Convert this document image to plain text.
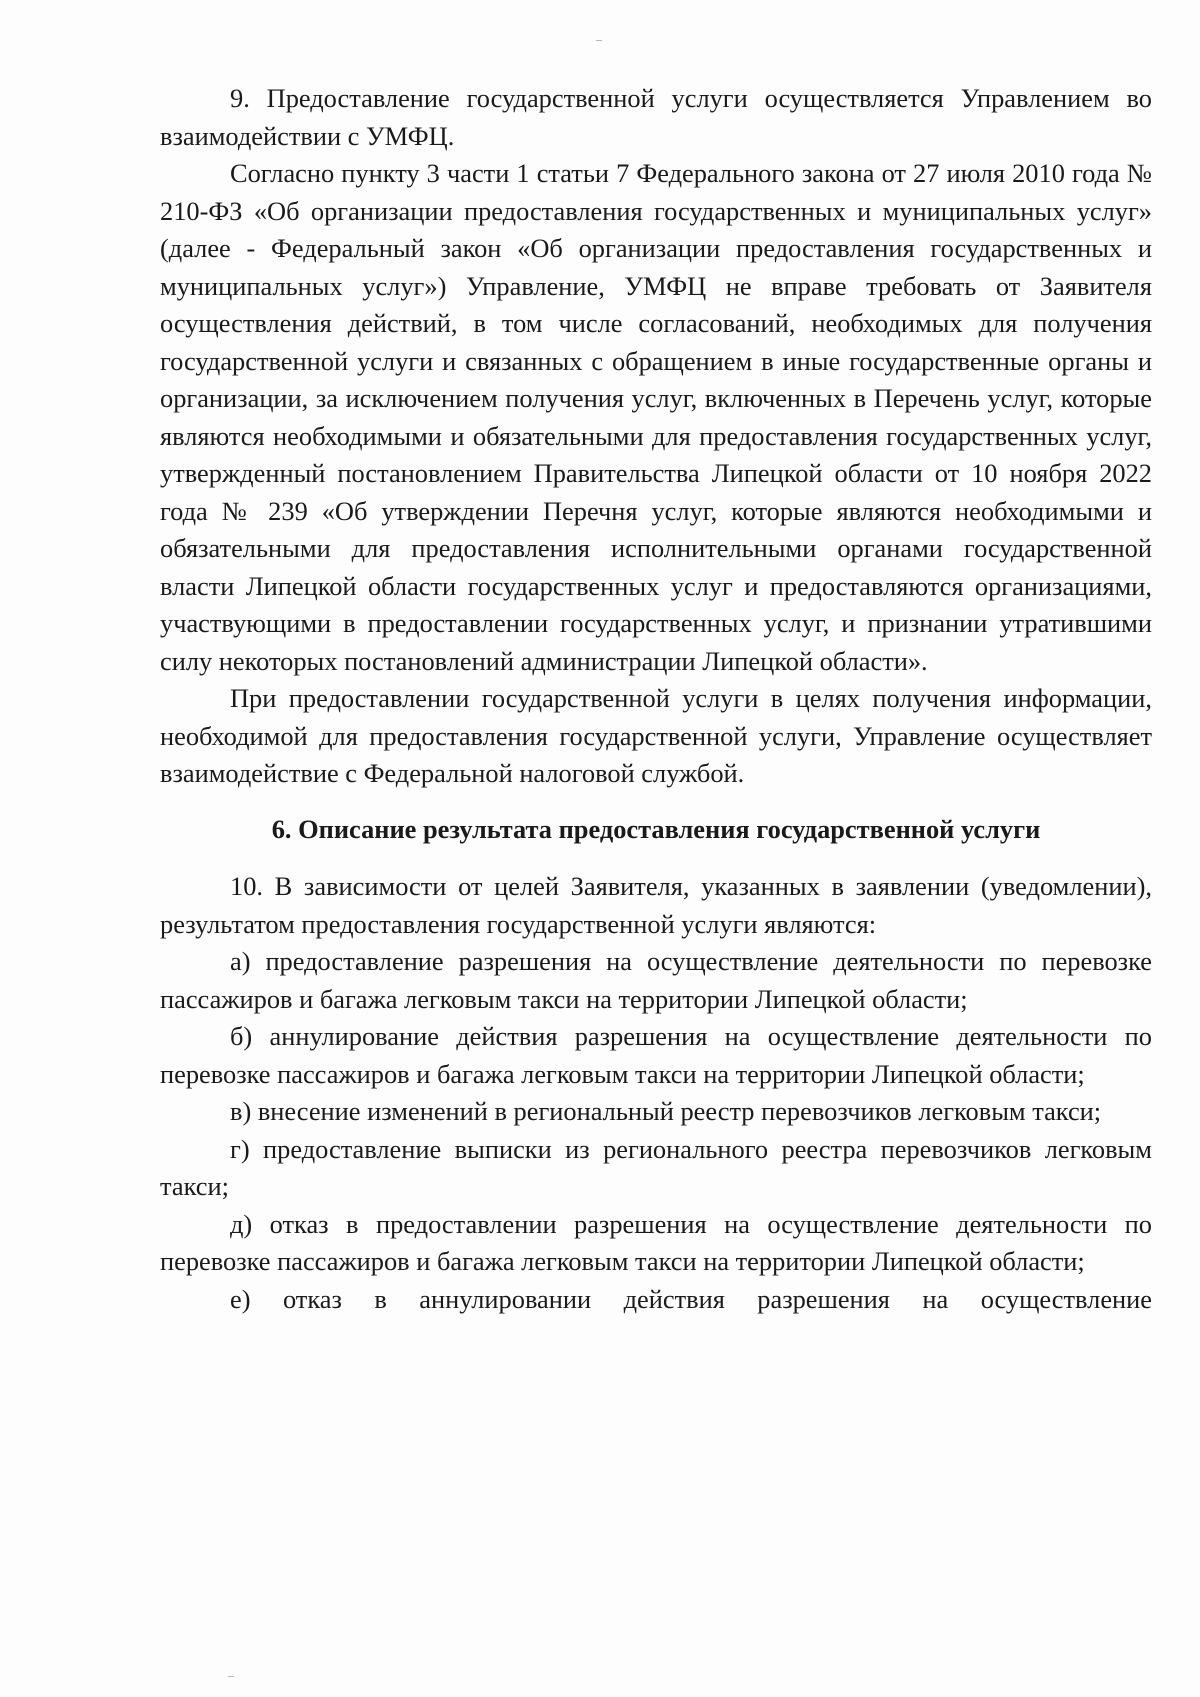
9. Предоставление государственной услуги осуществляется Управлением во взаимодействии с УМФЦ.

Согласно пункту 3 части 1 статьи 7 Федерального закона от 27 июля 2010 года № 210-ФЗ «Об организации предоставления государственных и муниципальных услуг» (далее - Федеральный закон «Об организации предоставления государственных и муниципальных услуг») Управление, УМФЦ не вправе требовать от Заявителя осуществления действий, в том числе согласований, необходимых для получения государственной услуги и связанных с обращением в иные государственные органы и организации, за исключением получения услуг, включенных в Перечень услуг, которые являются необходимыми и обязательными для предоставления государственных услуг, утвержденный постановлением Правительства Липецкой области от 10 ноября 2022 года № 239 «Об утверждении Перечня услуг, которые являются необходимыми и обязательными для предоставления исполнительными органами государственной власти Липецкой области государственных услуг и предоставляются организациями, участвующими в предоставлении государственных услуг, и признании утратившими силу некоторых постановлений администрации Липецкой области».

При предоставлении государственной услуги в целях получения информации, необходимой для предоставления государственной услуги, Управление осуществляет взаимодействие с Федеральной налоговой службой.

6. Описание результата предоставления государственной услуги

10. В зависимости от целей Заявителя, указанных в заявлении (уведомлении), результатом предоставления государственной услуги являются:

а) предоставление разрешения на осуществление деятельности по перевозке пассажиров и багажа легковым такси на территории Липецкой области;

б) аннулирование действия разрешения на осуществление деятельности по перевозке пассажиров и багажа легковым такси на территории Липецкой области;

в) внесение изменений в региональный реестр перевозчиков легковым такси;

г) предоставление выписки из регионального реестра перевозчиков легковым такси;

д) отказ в предоставлении разрешения на осуществление деятельности по перевозке пассажиров и багажа легковым такси на территории Липецкой области;

е) отказ в аннулировании действия разрешения на осуществление
